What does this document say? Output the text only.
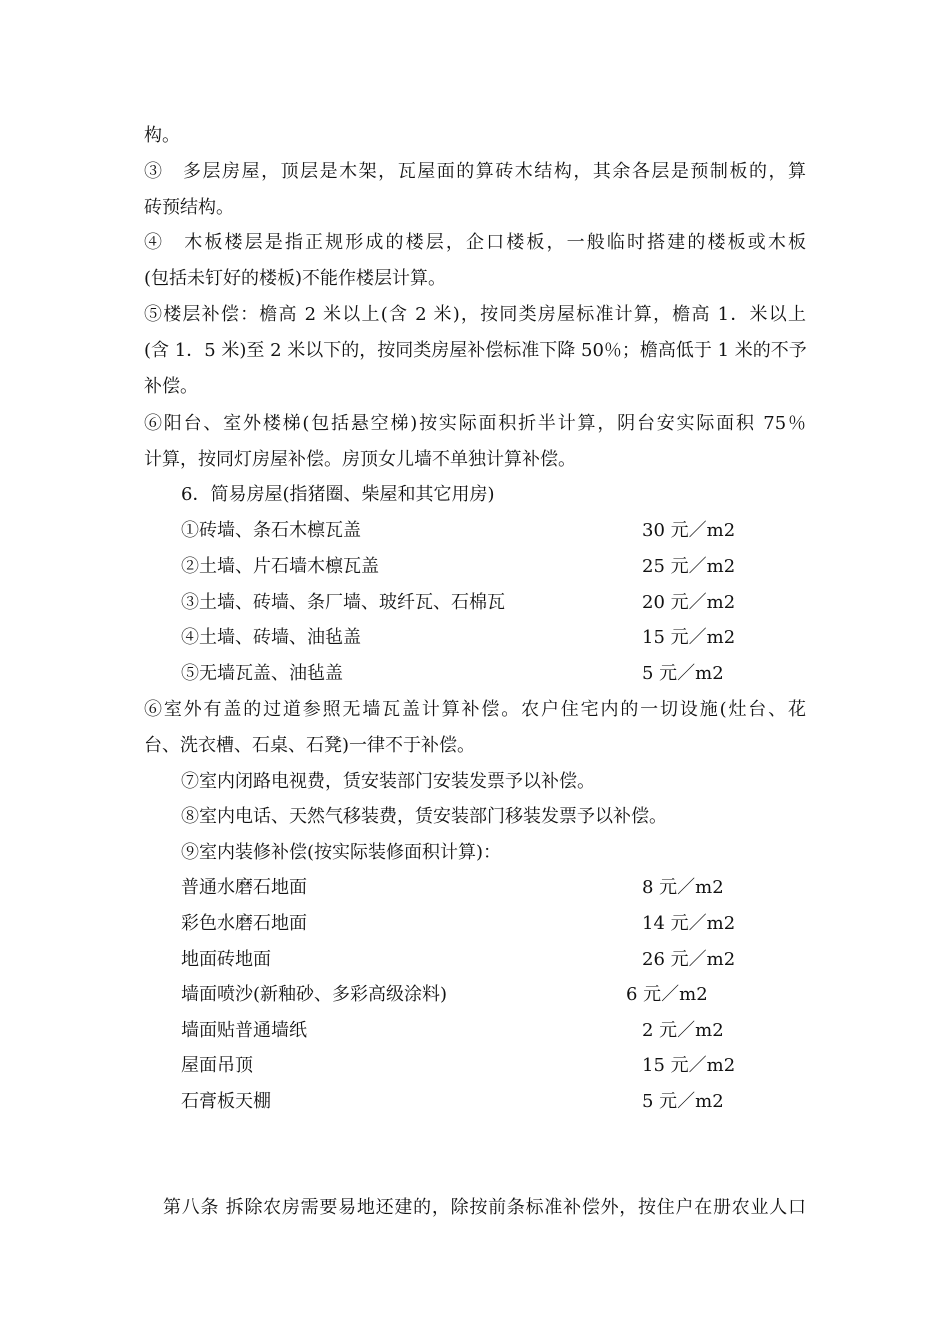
构。
③　多层房屋，顶层是木架，瓦屋面的算砖木结构，其余各层是预制板的，算
砖预结构。
④　木板楼层是指正规形成的楼层，企口楼板，一般临时搭建的楼板或木板
(包括未钉好的楼板)不能作楼层计算。
⑤楼层补偿：檐高 2 米以上(含 2 米)，按同类房屋标准计算，檐高 1．米以上
(含 1．5 米)至 2 米以下的，按同类房屋补偿标准下降 50％；檐高低于 1 米的不予
补偿。
⑥阳台、室外楼梯(包括悬空梯)按实际面积折半计算，阴台安实际面积 75％
计算，按同灯房屋补偿。房顶女儿墙不单独计算补偿。
6．简易房屋(指猪圈、柴屋和其它用房)
①砖墙、条石木檩瓦盖	30 元／m2
②土墙、片石墙木檩瓦盖	25 元／m2
③土墙、砖墙、条厂墙、玻纤瓦、石棉瓦	20 元／m2
④土墙、砖墙、油毡盖	15 元／m2
⑤无墙瓦盖、油毡盖	5 元／m2
⑥室外有盖的过道参照无墙瓦盖计算补偿。农户住宅内的一切设施(灶台、花
台、洗衣槽、石桌、石凳)一律不于补偿。
⑦室内闭路电视费，赁安装部门安装发票予以补偿。
⑧室内电话、天然气移装费，赁安装部门移装发票予以补偿。
⑨室内装修补偿(按实际装修面积计算)：
普通水磨石地面	8 元／m2
彩色水磨石地面	14 元／m2
地面砖地面	26 元／m2
墙面喷沙(新釉砂、多彩高级涂料)	6 元／m2
墙面贴普通墙纸	2 元／m2
屋面吊顶	15 元／m2
石膏板天棚	5 元／m2
第八条 拆除农房需要易地还建的，除按前条标准补偿外，按住户在册农业人口
